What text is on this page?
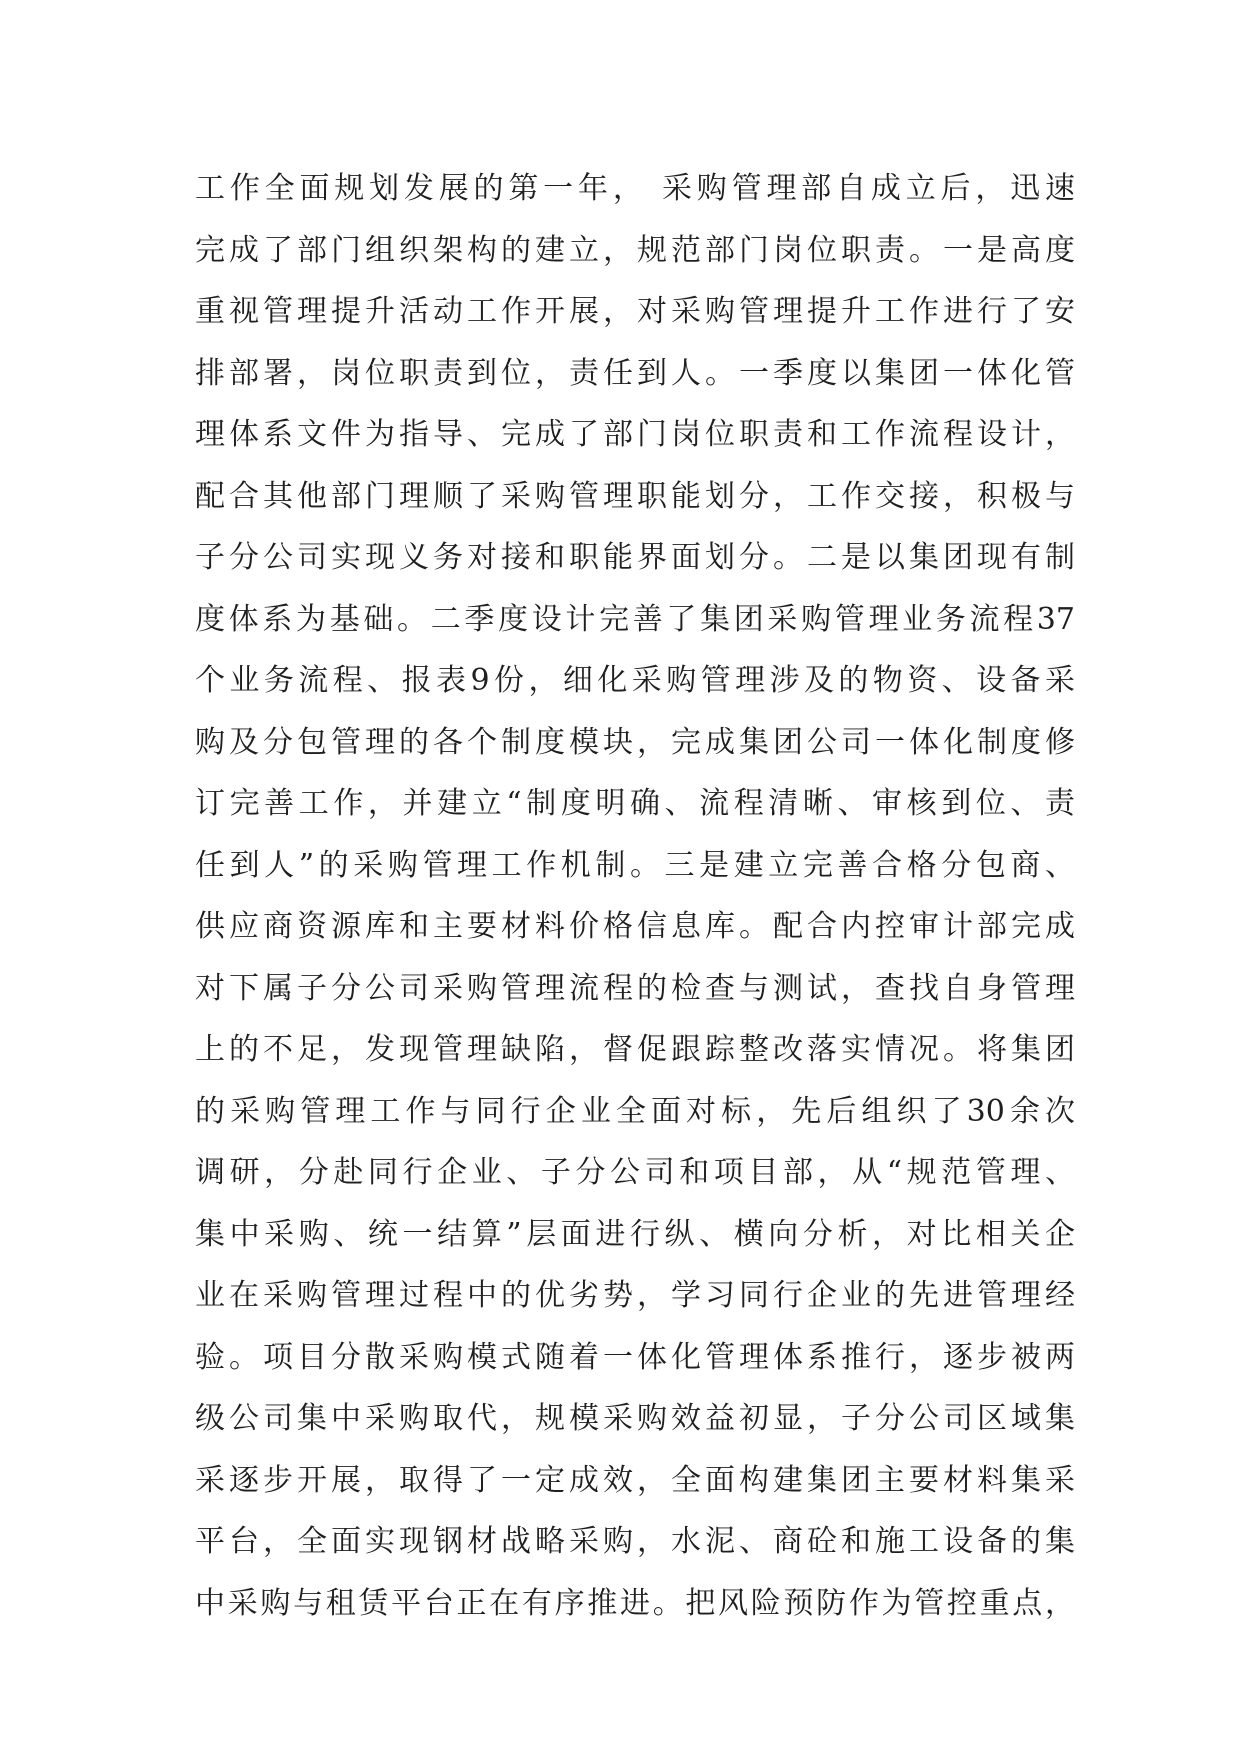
工作全面规划发展的第一年， 采购管理部自成立后，迅速
完成了部门组织架构的建立，规范部门岗位职责。一是高度
重视管理提升活动工作开展，对采购管理提升工作进行了安
排部署，岗位职责到位，责任到人。一季度以集团一体化管
理体系文件为指导、完成了部门岗位职责和工作流程设计，
配合其他部门理顺了采购管理职能划分，工作交接，积极与
子分公司实现义务对接和职能界面划分。二是以集团现有制
度体系为基础。二季度设计完善了集团采购管理业务流程37
个业务流程、报表9份，细化采购管理涉及的物资、设备采
购及分包管理的各个制度模块，完成集团公司一体化制度修
订完善工作，并建立“制度明确、流程清晰、审核到位、责
任到人”的采购管理工作机制。三是建立完善合格分包商、
供应商资源库和主要材料价格信息库。配合内控审计部完成
对下属子分公司采购管理流程的检查与测试，查找自身管理
上的不足，发现管理缺陷，督促跟踪整改落实情况。将集团
的采购管理工作与同行企业全面对标，先后组织了30余次
调研，分赴同行企业、子分公司和项目部，从“规范管理、
集中采购、统一结算”层面进行纵、横向分析，对比相关企
业在采购管理过程中的优劣势，学习同行企业的先进管理经
验。项目分散采购模式随着一体化管理体系推行，逐步被两
级公司集中采购取代，规模采购效益初显，子分公司区域集
采逐步开展，取得了一定成效，全面构建集团主要材料集采
平台，全面实现钢材战略采购，水泥、商砼和施工设备的集
中采购与租赁平台正在有序推进。把风险预防作为管控重点，
